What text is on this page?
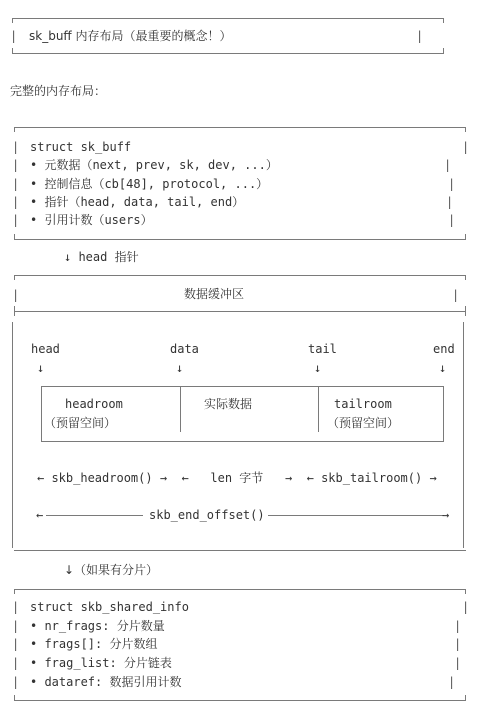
|	|
sk_buff 内存布局（最重要的概念！）
完整的内存布局：
|	|
struct sk_buff
|	|
• 元数据（next, prev, sk, dev, ...）
|	|
• 控制信息（cb[48], protocol, ...）
|	|
• 指针（head, data, tail, end）
|	|
• 引用计数（users）
↓ head 指针
|	|
数据缓冲区
head	data	tail	end
↓	↓	↓	↓
headroom
（预留空间）
实际数据	tailroom
（预留空间）
← skb_headroom() →  ←   len 字节   →  ← skb_tailroom() →
←	skb_end_offset()	→
↓（如果有分片）
|	|
struct skb_shared_info
|	|
• nr_frags: 分片数量
|	|
• frags[]: 分片数组
|	|
• frag_list: 分片链表
|	|
• dataref: 数据引用计数
